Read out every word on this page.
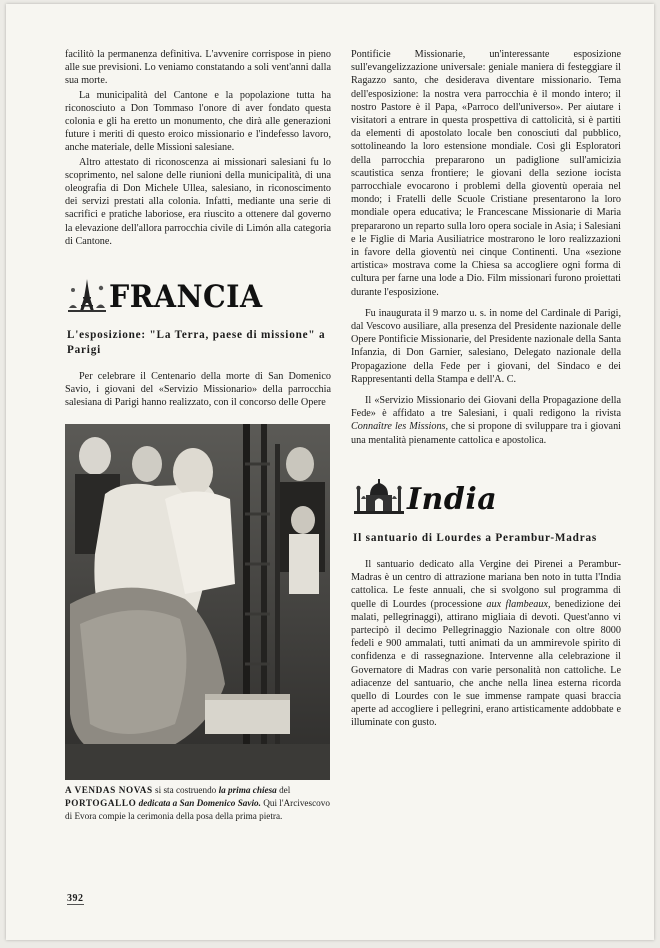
facilitò la permanenza definitiva. L'avvenire corrispose in pieno alle sue previsioni. Lo veniamo constatando a soli vent'anni dalla sua morte.

La municipalità del Cantone e la popolazione tutta ha riconosciuto a Don Tommaso l'onore di aver fondato questa colonia e gli ha eretto un monumento, che dirà alle generazioni future i meriti di questo eroico missionario e l'indefesso lavoro, anche materiale, delle Missioni salesiane.

Altro attestato di riconoscenza ai missionari salesiani fu lo scoprimento, nel salone delle riunioni della municipalità, di una oleografia di Don Michele Ullea, salesiano, in riconoscimento dei servizi prestati alla colonia. Infatti, mediante una serie di sacrifici e pratiche laboriose, era riuscito a ottenere dal governo la elevazione dell'allora parrocchia civile di Limón alla categoria di Cantone.

FRANCIA
L'esposizione: "La Terra, paese di missione" a Parigi

Per celebrare il Centenario della morte di San Domenico Savio, i giovani del «Servizio Missionario» della parrocchia salesiana di Parigi hanno realizzato, con il concorso delle Opere

A VENDAS NOVAS si sta costruendo la prima chiesa del PORTOGALLO dedicata a San Domenico Savio. Qui l'Arcivescovo di Evora compie la cerimonia della posa della prima pietra.

Pontificie Missionarie, un'interessante esposizione sull'evangelizzazione universale: geniale maniera di festeggiare il Ragazzo santo, che desiderava diventare missionario. Tema dell'esposizione: la nostra vera parrocchia è il mondo intero; il nostro Pastore è il Papa, «Parroco dell'universo». Per aiutare i visitatori a entrare in questa prospettiva di cattolicità, si è partiti da elementi di apostolato locale ben conosciuti dal pubblico, sottolineando la loro estensione mondiale. Così gli Esploratori della parrocchia prepararono un padiglione sull'amicizia scautistica senza frontiere; le giovani della sezione iocista parrocchiale evocarono i problemi della gioventù operaia nel mondo; i Fratelli delle Scuole Cristiane presentarono la loro mondiale opera educativa; le Francescane Missionarie di Maria prepararono un reparto sulla loro opera sociale in Asia; i Salesiani e le Figlie di Maria Ausiliatrice mostrarono le loro realizzazioni in favore della gioventù nei cinque Continenti. Una «sezione artistica» mostrava come la Chiesa sa accogliere ogni forma di cultura per farne una lode a Dio. Film missionari furono proiettati durante l'esposizione.

Fu inaugurata il 9 marzo u. s. in nome del Cardinale di Parigi, dal Vescovo ausiliare, alla presenza del Presidente nazionale delle Opere Pontificie Missionarie, del Presidente nazionale della Santa Infanzia, di Don Garnier, salesiano, Delegato nazionale della Propagazione della Fede per i giovani, del Sindaco e dei Rappresentanti della Stampa e dell'A. C.

Il «Servizio Missionario dei Giovani della Propagazione della Fede» è affidato a tre Salesiani, i quali redigono la rivista Connaître les Missions, che si propone di sviluppare tra i giovani una mentalità pienamente cattolica e apostolica.

India
Il santuario di Lourdes a Perambur-Madras

Il santuario dedicato alla Vergine dei Pirenei a Perambur-Madras è un centro di attrazione mariana ben noto in tutta l'India cattolica. Le feste annuali, che si svolgono sul programma di quelle di Lourdes (processione aux flambeaux, benedizione dei malati, pellegrinaggi), attirano migliaia di devoti. Quest'anno vi partecipò il decimo Pellegrinaggio Nazionale con oltre 8000 fedeli e 900 ammalati, tutti animati da un ammirevole spirito di confidenza e di rassegnazione. Intervenne alla celebrazione il Governatore di Madras con varie personalità non cattoliche. Le adiacenze del santuario, che anche nella linea esterna ricorda quello di Lourdes con le sue immense rampate quasi braccia aperte ad accogliere i pellegrini, erano artisticamente addobbate e illuminate con gusto.

392
